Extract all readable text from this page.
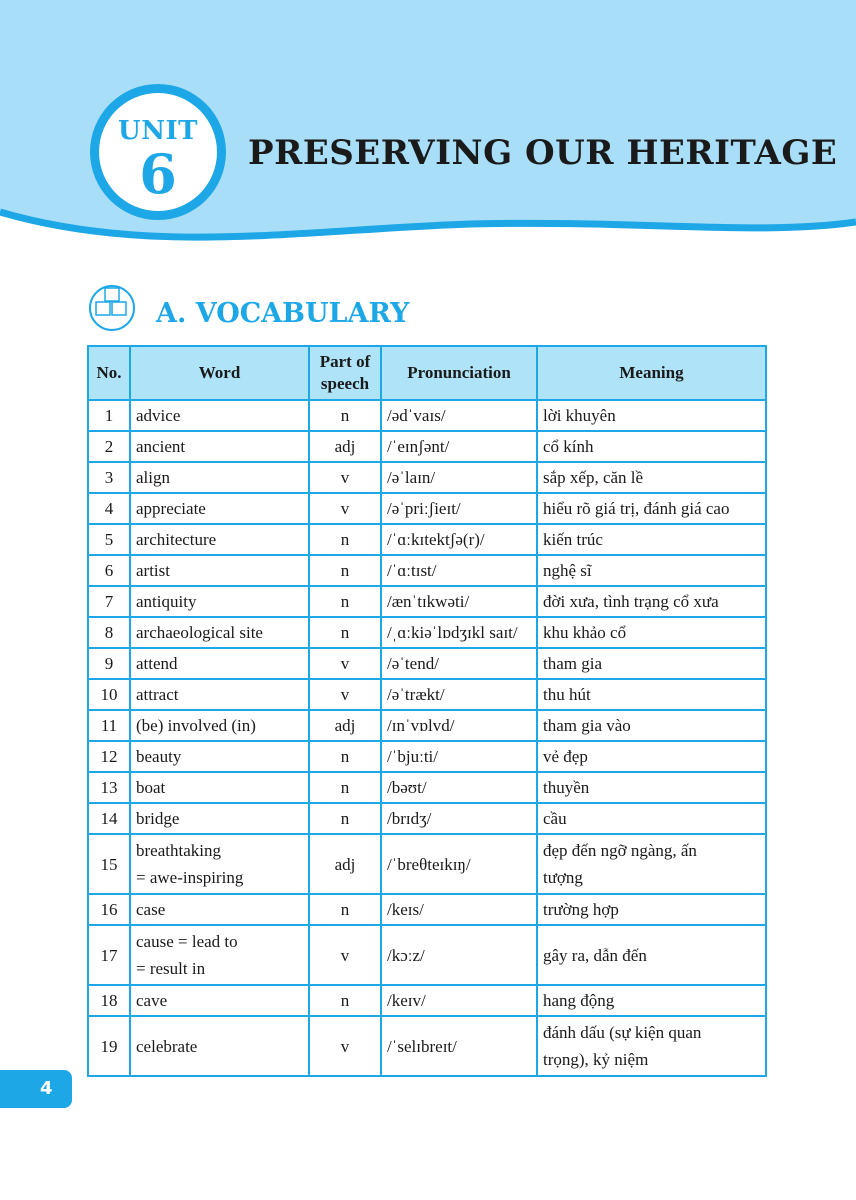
UNIT
6	PRESERVING OUR HERITAGE
A. VOCABULARY
No.	Word	Part of speech	Pronunciation	Meaning
1	advice	n	/ədˈvaɪs/	lời khuyên
2	ancient	adj	/ˈeɪnʃənt/	cổ kính
3	align	v	/əˈlaɪn/	sắp xếp, căn lề
4	appreciate	v	/əˈpriːʃieɪt/	hiểu rõ giá trị, đánh giá cao
5	architecture	n	/ˈɑːkɪtektʃə(r)/	kiến trúc
6	artist	n	/ˈɑːtɪst/	nghệ sĩ
7	antiquity	n	/ænˈtɪkwəti/	đời xưa, tình trạng cổ xưa
8	archaeological site	n	/ˌɑːkiəˈlɒdʒɪkl saɪt/	khu khảo cổ
9	attend	v	/əˈtend/	tham gia
10	attract	v	/əˈtrækt/	thu hút
11	(be) involved (in)	adj	/ɪnˈvɒlvd/	tham gia vào
12	beauty	n	/ˈbjuːti/	vẻ đẹp
13	boat	n	/bəʊt/	thuyền
14	bridge	n	/brɪdʒ/	cầu
15	breathtaking
= awe-inspiring	adj	/ˈbreθteɪkɪŋ/	đẹp đến ngỡ ngàng, ấn
tượng
16	case	n	/keɪs/	trường hợp
17	cause = lead to
= result in	v	/kɔːz/	gây ra, dẫn đến
18	cave	n	/keɪv/	hang động
19	celebrate	v	/ˈselɪbreɪt/	đánh dấu (sự kiện quan
trọng), kỷ niệm
4
